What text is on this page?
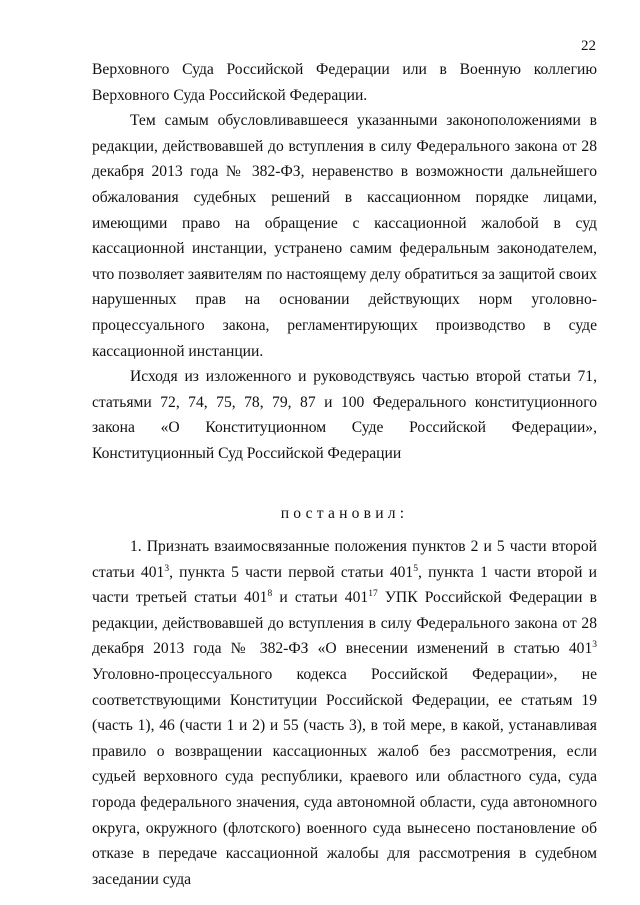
22

Верховного Суда Российской Федерации или в Военную коллегию Верховного Суда Российской Федерации.

Тем самым обусловливавшееся указанными законоположениями в редакции, действовавшей до вступления в силу Федерального закона от 28 декабря 2013 года № 382-ФЗ, неравенство в возможности дальнейшего обжалования судебных решений в кассационном порядке лицами, имеющими право на обращение с кассационной жалобой в суд кассационной инстанции, устранено самим федеральным законодателем, что позволяет заявителям по настоящему делу обратиться за защитой своих нарушенных прав на основании действующих норм уголовно-процессуального закона, регламентирующих производство в суде кассационной инстанции.

Исходя из изложенного и руководствуясь частью второй статьи 71, статьями 72, 74, 75, 78, 79, 87 и 100 Федерального конституционного закона «О Конституционном Суде Российской Федерации», Конституционный Суд Российской Федерации

постановил:

1. Признать взаимосвязанные положения пунктов 2 и 5 части второй статьи $401^3$, пункта 5 части первой статьи $401^5$, пункта 1 части второй и части третьей статьи $401^8$ и статьи $401^{17}$ УПК Российской Федерации в редакции, действовавшей до вступления в силу Федерального закона от 28 декабря 2013 года № 382-ФЗ «О внесении изменений в статью $401^3$ Уголовно-процессуального кодекса Российской Федерации», не соответствующими Конституции Российской Федерации, ее статьям 19 (часть 1), 46 (части 1 и 2) и 55 (часть 3), в той мере, в какой, устанавливая правило о возвращении кассационных жалоб без рассмотрения, если судьей верховного суда республики, краевого или областного суда, суда города федерального значения, суда автономной области, суда автономного округа, окружного (флотского) военного суда вынесено постановление об отказе в передаче кассационной жалобы для рассмотрения в судебном заседании суда
